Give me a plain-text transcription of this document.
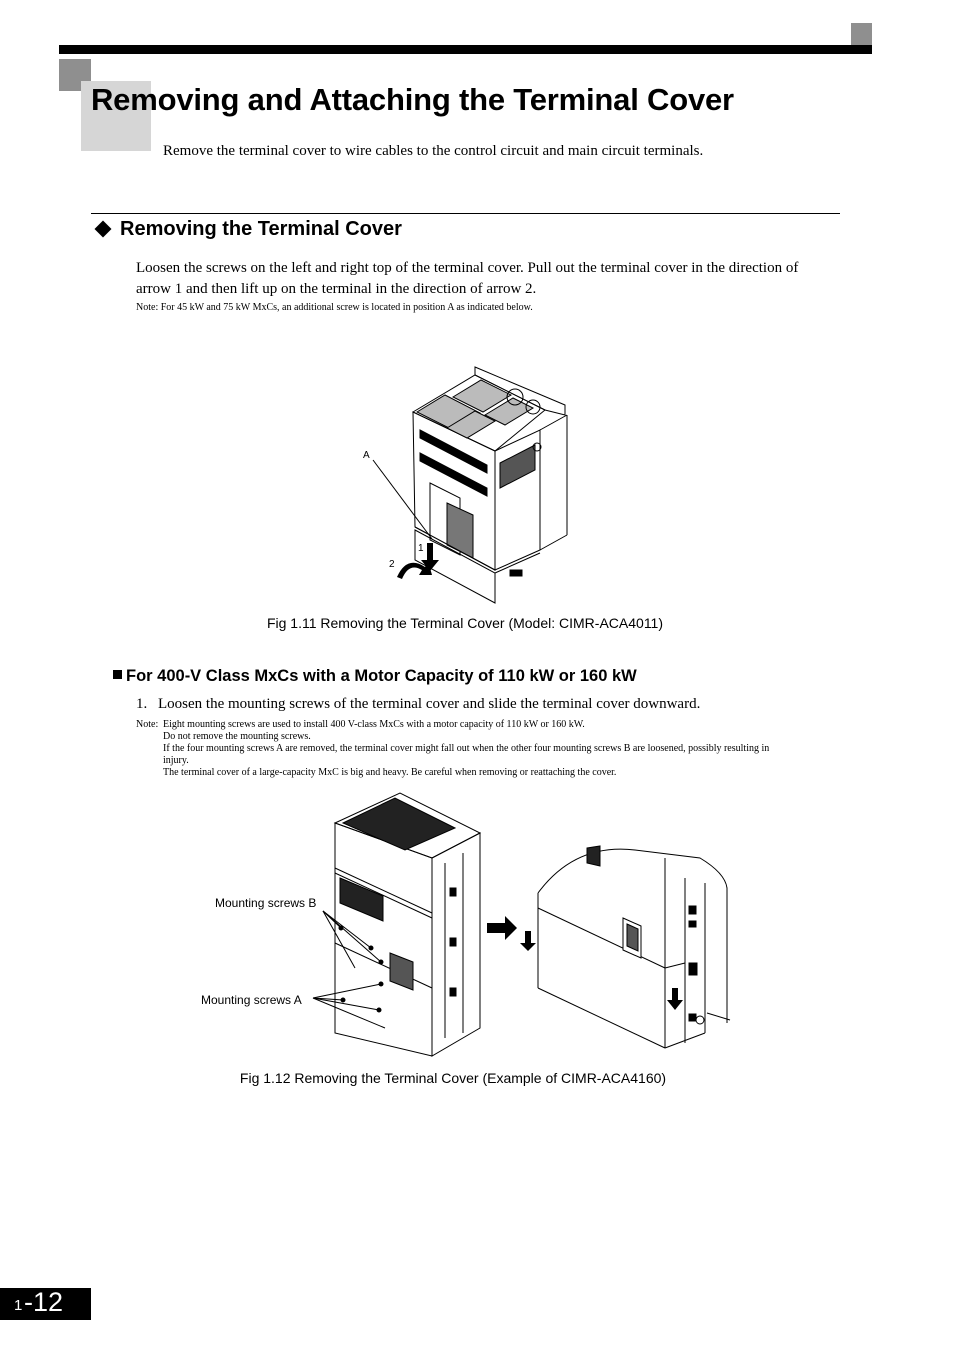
Removing and Attaching the Terminal Cover
Remove the terminal cover to wire cables to the control circuit and main circuit terminals.
Removing the Terminal Cover
Loosen the screws on the left and right top of the terminal cover. Pull out the terminal cover in the direction of
arrow 1 and then lift up on the terminal in the direction of arrow 2.
Note: For 45 kW and 75 kW MxCs, an additional screw is located in position A as indicated below.
A
1
2
Fig 1.11 Removing the Terminal Cover (Model: CIMR-ACA4011)
For 400-V Class MxCs with a Motor Capacity of 110 kW or 160 kW
1. Loosen the mounting screws of the terminal cover and slide the terminal cover downward.
Note: Eight mounting screws are used to install 400 V-class MxCs with a motor capacity of 110 kW or 160 kW.
Do not remove the mounting screws.
If the four mounting screws A are removed, the terminal cover might fall out when the other four mounting screws B are loosened, possibly resulting in
injury.
The terminal cover of a large-capacity MxC is big and heavy. Be careful when removing or reattaching the cover.
Mounting screws B
Mounting screws A
Fig 1.12 Removing the Terminal Cover (Example of CIMR-ACA4160)
1 -12
